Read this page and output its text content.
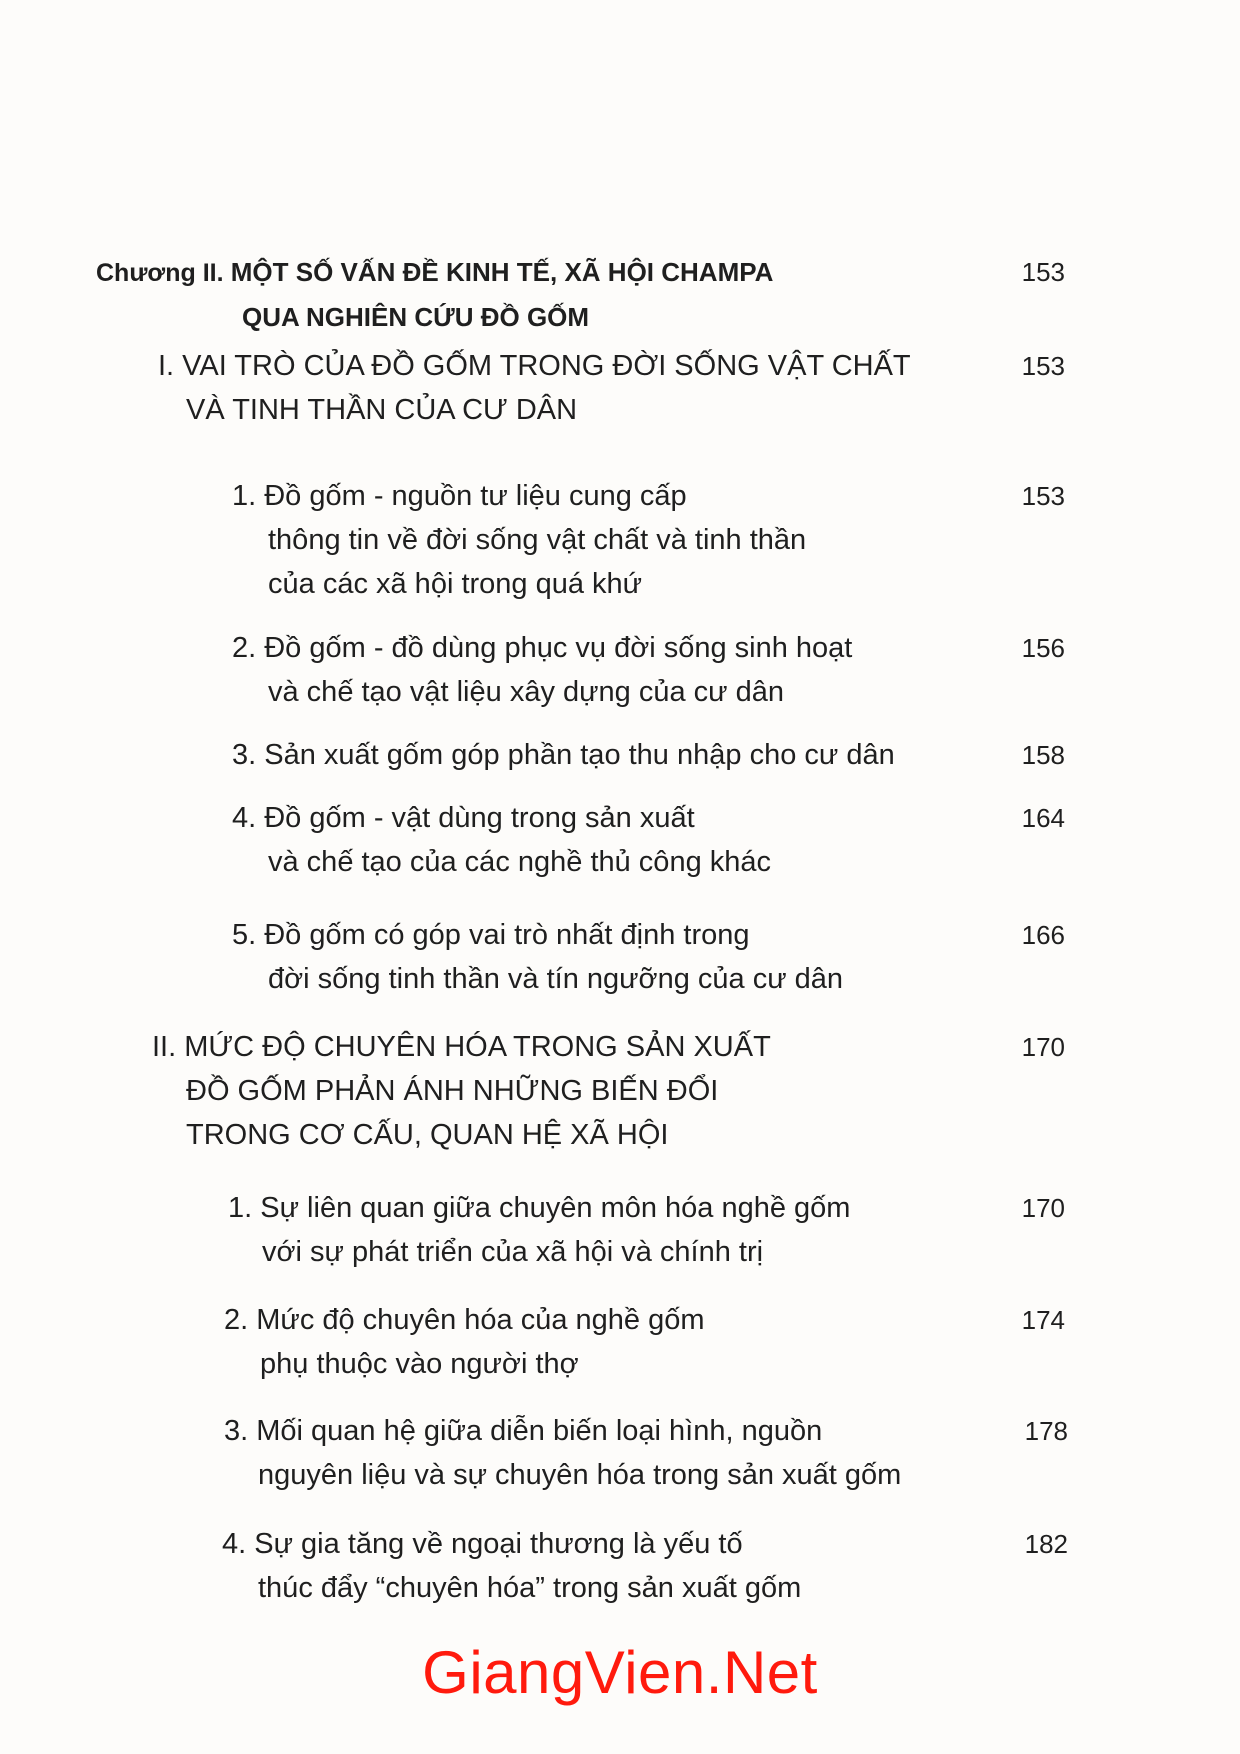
Chương II. MỘT SỐ VẤN ĐỀ KINH TẾ, XÃ HỘI CHAMPA
QUA NGHIÊN CỨU ĐỒ GỐM
153
I. VAI TRÒ CỦA ĐỒ GỐM TRONG ĐỜI SỐNG VẬT CHẤT
VÀ TINH THẦN CỦA CƯ DÂN
153
1. Đồ gốm - nguồn tư liệu cung cấp
thông tin về đời sống vật chất và tinh thần
của các xã hội trong quá khứ
153
2. Đồ gốm - đồ dùng phục vụ đời sống sinh hoạt
và chế tạo vật liệu xây dựng của cư dân
156
3. Sản xuất gốm góp phần tạo thu nhập cho cư dân	158
4. Đồ gốm - vật dùng trong sản xuất
và chế tạo của các nghề thủ công khác
164
5. Đồ gốm có góp vai trò nhất định trong
đời sống tinh thần và tín ngưỡng của cư dân
166
II. MỨC ĐỘ CHUYÊN HÓA TRONG SẢN XUẤT
ĐỒ GỐM PHẢN ÁNH NHỮNG BIẾN ĐỔI
TRONG CƠ CẤU, QUAN HỆ XÃ HỘI
170
1. Sự liên quan giữa chuyên môn hóa nghề gốm
với sự phát triển của xã hội và chính trị
170
2. Mức độ chuyên hóa của nghề gốm
phụ thuộc vào người thợ
174
3. Mối quan hệ giữa diễn biến loại hình, nguồn
nguyên liệu và sự chuyên hóa trong sản xuất gốm
178
4. Sự gia tăng về ngoại thương là yếu tố
thúc đẩy “chuyên hóa” trong sản xuất gốm
182
GiangVien.Net
